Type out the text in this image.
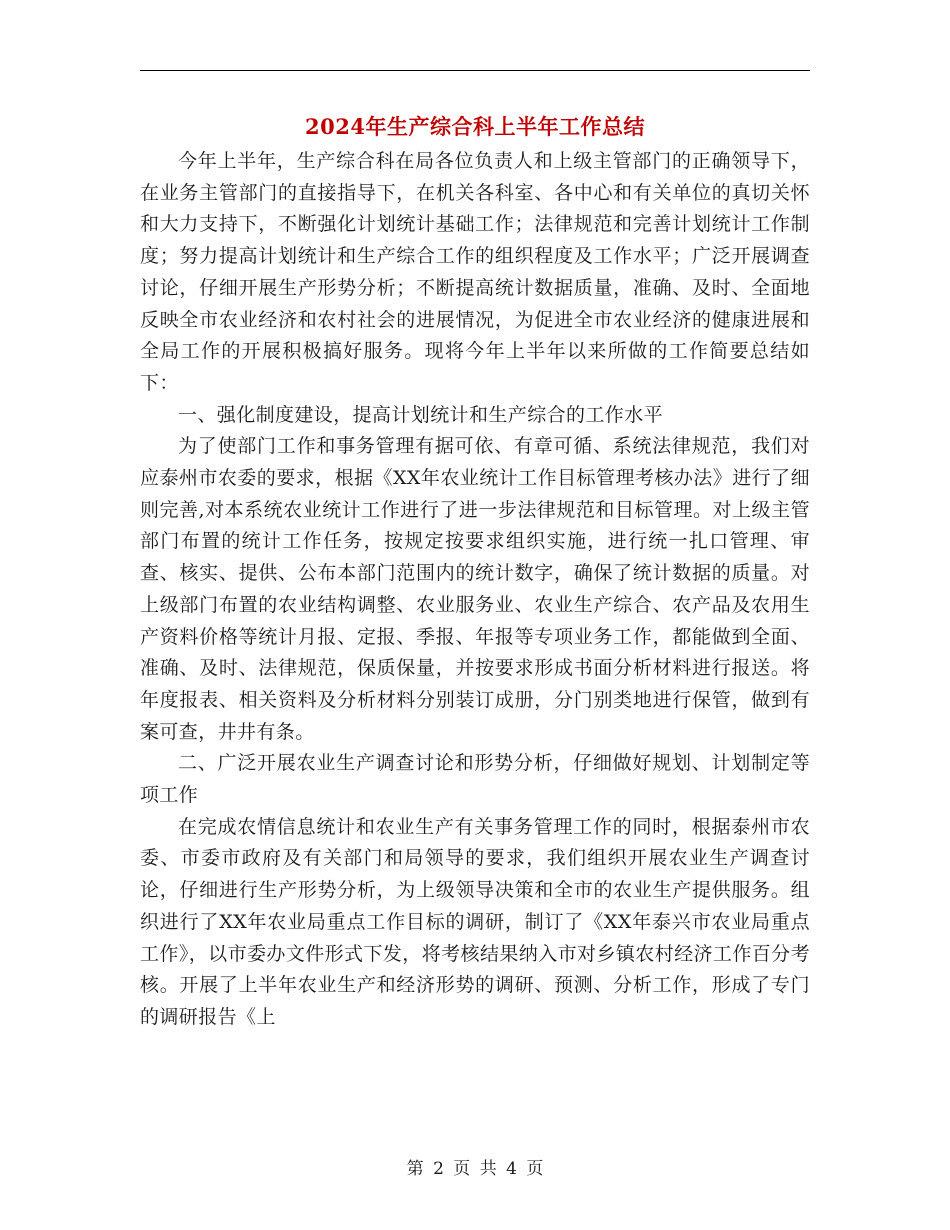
2024年生产综合科上半年工作总结

今年上半年，生产综合科在局各位负责人和上级主管部门的正确领导下，在业务主管部门的直接指导下，在机关各科室、各中心和有关单位的真切关怀和大力支持下，不断强化计划统计基础工作；法律规范和完善计划统计工作制度；努力提高计划统计和生产综合工作的组织程度及工作水平；广泛开展调查讨论，仔细开展生产形势分析；不断提高统计数据质量，准确、及时、全面地反映全市农业经济和农村社会的进展情况，为促进全市农业经济的健康进展和全局工作的开展积极搞好服务。现将今年上半年以来所做的工作简要总结如下：

一、强化制度建设，提高计划统计和生产综合的工作水平

为了使部门工作和事务管理有据可依、有章可循、系统法律规范，我们对应泰州市农委的要求，根据《XX年农业统计工作目标管理考核办法》进行了细则完善,对本系统农业统计工作进行了进一步法律规范和目标管理。对上级主管部门布置的统计工作任务，按规定按要求组织实施，进行统一扎口管理、审查、核实、提供、公布本部门范围内的统计数字，确保了统计数据的质量。对上级部门布置的农业结构调整、农业服务业、农业生产综合、农产品及农用生产资料价格等统计月报、定报、季报、年报等专项业务工作，都能做到全面、准确、及时、法律规范，保质保量，并按要求形成书面分析材料进行报送。将年度报表、相关资料及分析材料分别装订成册，分门别类地进行保管，做到有案可查，井井有条。

二、广泛开展农业生产调查讨论和形势分析，仔细做好规划、计划制定等项工作

在完成农情信息统计和农业生产有关事务管理工作的同时，根据泰州市农委、市委市政府及有关部门和局领导的要求，我们组织开展农业生产调查讨论，仔细进行生产形势分析，为上级领导决策和全市的农业生产提供服务。组织进行了XX年农业局重点工作目标的调研，制订了《XX年泰兴市农业局重点工作》，以市委办文件形式下发，将考核结果纳入市对乡镇农村经济工作百分考核。开展了上半年农业生产和经济形势的调研、预测、分析工作，形成了专门的调研报告《上

第 2 页 共 4 页
